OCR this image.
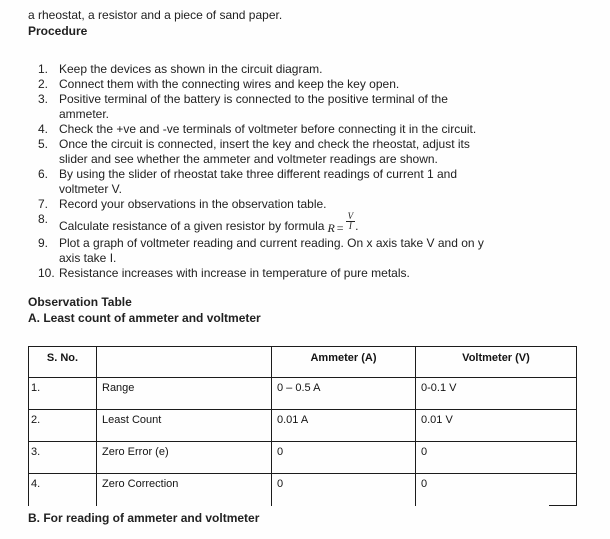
a rheostat, a resistor and a piece of sand paper.
Procedure
1. Keep the devices as shown in the circuit diagram.
2. Connect them with the connecting wires and keep the key open.
3. Positive terminal of the battery is connected to the positive terminal of the
ammeter.
4. Check the +ve and -ve terminals of voltmeter before connecting it in the circuit.
5. Once the circuit is connected, insert the key and check the rheostat, adjust its
slider and see whether the ammeter and voltmeter readings are shown.
6. By using the slider of rheostat take three different readings of current 1 and
voltmeter V.
7. Record your observations in the observation table.
8. Calculate resistance of a given resistor by formula $R = \frac{V}{I}$ .
9. Plot a graph of voltmeter reading and current reading. On x axis take V and on y
axis take I.
10. Resistance increases with increase in temperature of pure metals.
Observation Table
A. Least count of ammeter and voltmeter
S. No.		Ammeter (A)	Voltmeter (V)
1.	Range	0 – 0.5 A	0-0.1 V
2.	Least Count	0.01 A	0.01 V
3.	Zero Error (e)	0	0
4.	Zero Correction	0	0
B. For reading of ammeter and voltmeter
